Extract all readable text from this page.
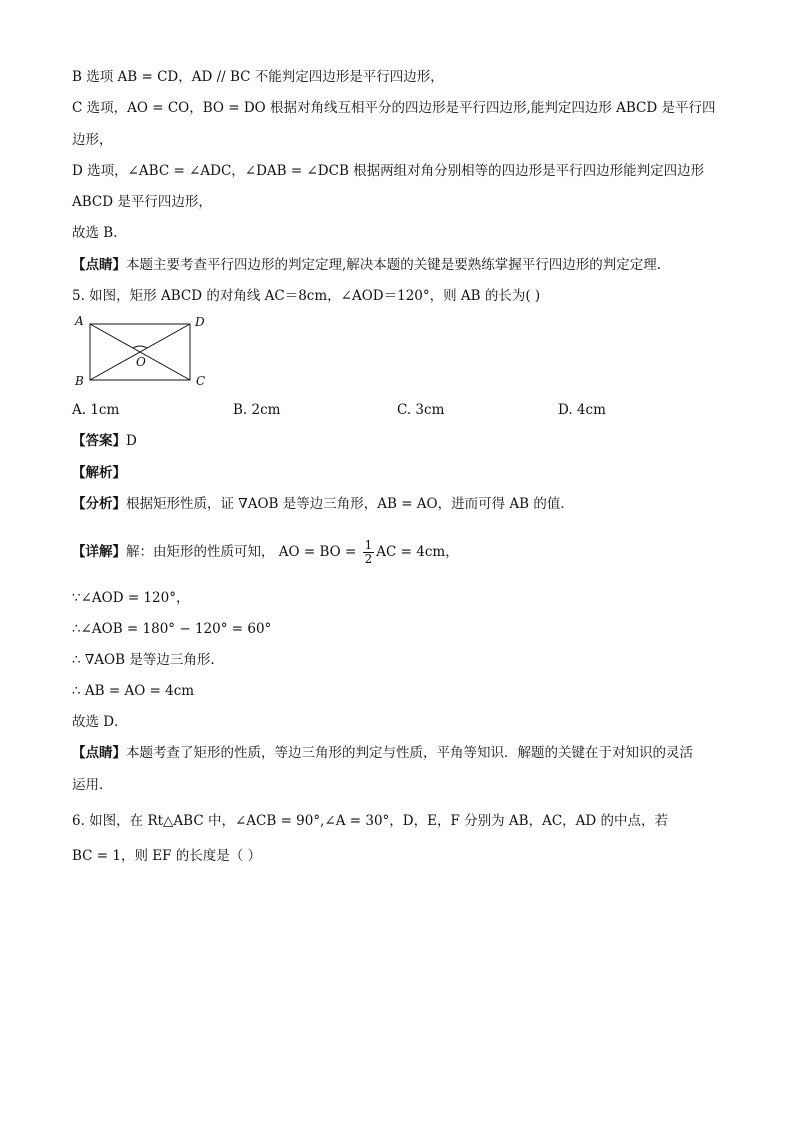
B 选项 AB = CD，AD // BC 不能判定四边形是平行四边形，
C 选项，AO = CO，BO = DO 根据对角线互相平分的四边形是平行四边形,能判定四边形 ABCD 是平行四
边形，
D 选项，∠ABC = ∠ADC，∠DAB = ∠DCB 根据两组对角分别相等的四边形是平行四边形能判定四边形
ABCD 是平行四边形，
故选 B.
【点睛】本题主要考查平行四边形的判定定理,解决本题的关键是要熟练掌握平行四边形的判定定理.
5. 如图，矩形 ABCD 的对角线 AC＝8cm，∠AOD＝120°，则 AB 的长为( )
A	D
B	C
O
A. 1cm	B. 2cm	C. 3cm	D. 4cm
【答案】D
【解析】
【分析】根据矩形性质，证 ∇AOB 是等边三角形，AB = AO，进而可得 AB 的值．
【详解】解：由矩形的性质可知， AO = BO = $\frac{1}{2}$ AC = 4cm，
∵∠AOD = 120°，
∴∠AOB = 180° − 120° = 60°
∴ ∇AOB 是等边三角形.
∴ AB = AO = 4cm
故选 D．
【点睛】本题考查了矩形的性质，等边三角形的判定与性质，平角等知识．解题的关键在于对知识的灵活
运用．
6. 如图，在 Rt△ABC 中，∠ACB = 90°,∠A = 30°，D，E，F 分别为 AB，AC，AD 的中点，若
BC = 1，则 EF 的长度是（ ）
